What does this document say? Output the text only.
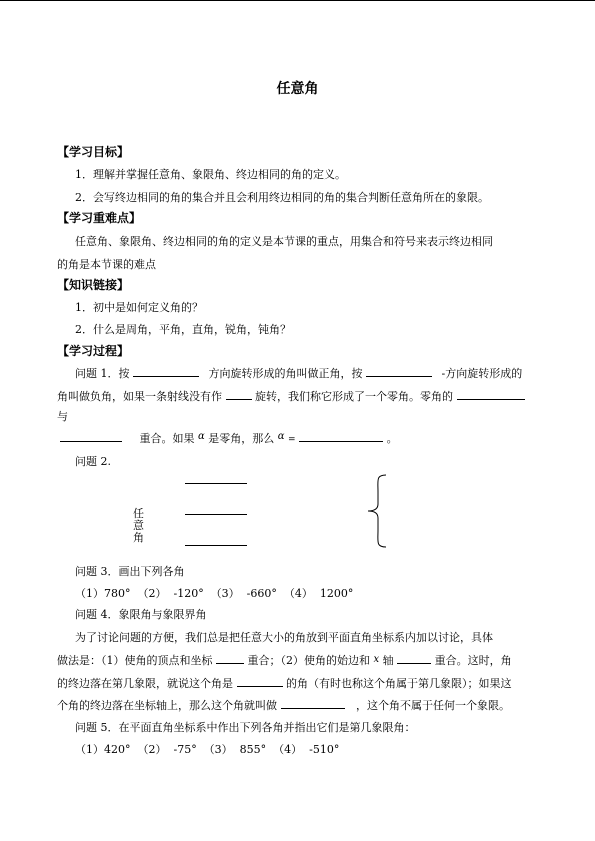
任意角
【学习目标】
1．理解并掌握任意角、象限角、终边相同的角的定义。
2．会写终边相同的角的集合并且会利用终边相同的角的集合判断任意角所在的象限。
【学习重难点】
任意角、象限角、终边相同的角的定义是本节课的重点，用集合和符号来表示终边相同
的角是本节课的难点
【知识链接】
1．初中是如何定义角的？
2．什么是周角，平角，直角，锐角，钝角？
【学习过程】
问题 1．按	方向旋转形成的角叫做正角，按	-方向旋转形成的
角叫做负角，如果一条射线没有作	旋转，我们称它形成了一个零角。零角的
与
重合。如果 α 是零角，那么 α =	。
问题 2.
任
意
角
问题 3．画出下列各角
（1）780°  （2）  -120°  （3）  -660°  （4）  1200°
问题 4．象限角与象限界角
为了讨论问题的方便，我们总是把任意大小的角放到平面直角坐标系内加以讨论，具体
做法是：（1）使角的顶点和坐标	重合；（2）使角的始边和 x 轴	重合。这时，角
的终边落在第几象限，就说这个角是	的角（有时也称这个角属于第几象限）；如果这
个角的终边落在坐标轴上，那么这个角就叫做	，这个角不属于任何一个象限。
问题 5．在平面直角坐标系中作出下列各角并指出它们是第几象限角：
（1）420°  （2）  -75°  （3）  855°  （4）  -510°
